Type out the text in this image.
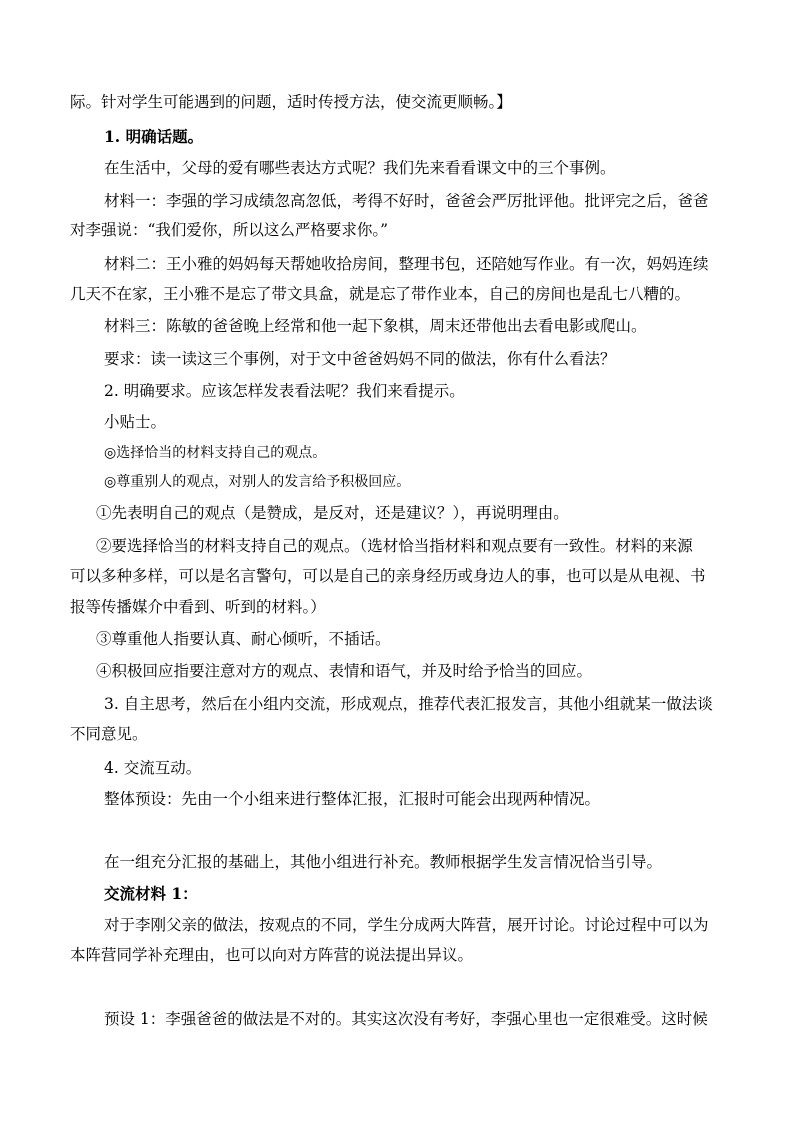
际。针对学生可能遇到的问题，适时传授方法，使交流更顺畅。】
1. 明确话题。
在生活中，父母的爱有哪些表达方式呢？我们先来看看课文中的三个事例。
材料一：李强的学习成绩忽高忽低，考得不好时，爸爸会严厉批评他。批评完之后，爸爸
对李强说：“我们爱你，所以这么严格要求你。”
材料二：王小雅的妈妈每天帮她收拾房间，整理书包，还陪她写作业。有一次，妈妈连续
几天不在家，王小雅不是忘了带文具盒，就是忘了带作业本，自己的房间也是乱七八糟的。
材料三：陈敏的爸爸晚上经常和他一起下象棋，周末还带他出去看电影或爬山。
要求：读一读这三个事例，对于文中爸爸妈妈不同的做法，你有什么看法？
2. 明确要求。应该怎样发表看法呢？我们来看提示。
小贴士。
◎选择恰当的材料支持自己的观点。
◎尊重别人的观点，对别人的发言给予积极回应。
①先表明自己的观点（是赞成，是反对，还是建议？），再说明理由。
②要选择恰当的材料支持自己的观点。（选材恰当指材料和观点要有一致性。材料的来源
可以多种多样，可以是名言警句，可以是自己的亲身经历或身边人的事，也可以是从电视、书
报等传播媒介中看到、听到的材料。）
③尊重他人指要认真、耐心倾听，不插话。
④积极回应指要注意对方的观点、表情和语气，并及时给予恰当的回应。
3. 自主思考，然后在小组内交流，形成观点，推荐代表汇报发言，其他小组就某一做法谈
不同意见。
4. 交流互动。
整体预设：先由一个小组来进行整体汇报，汇报时可能会出现两种情况。
在一组充分汇报的基础上，其他小组进行补充。教师根据学生发言情况恰当引导。
交流材料 1：
对于李刚父亲的做法，按观点的不同，学生分成两大阵营，展开讨论。讨论过程中可以为
本阵营同学补充理由，也可以向对方阵营的说法提出异议。
预设 1：李强爸爸的做法是不对的。其实这次没有考好，李强心里也一定很难受。这时候
